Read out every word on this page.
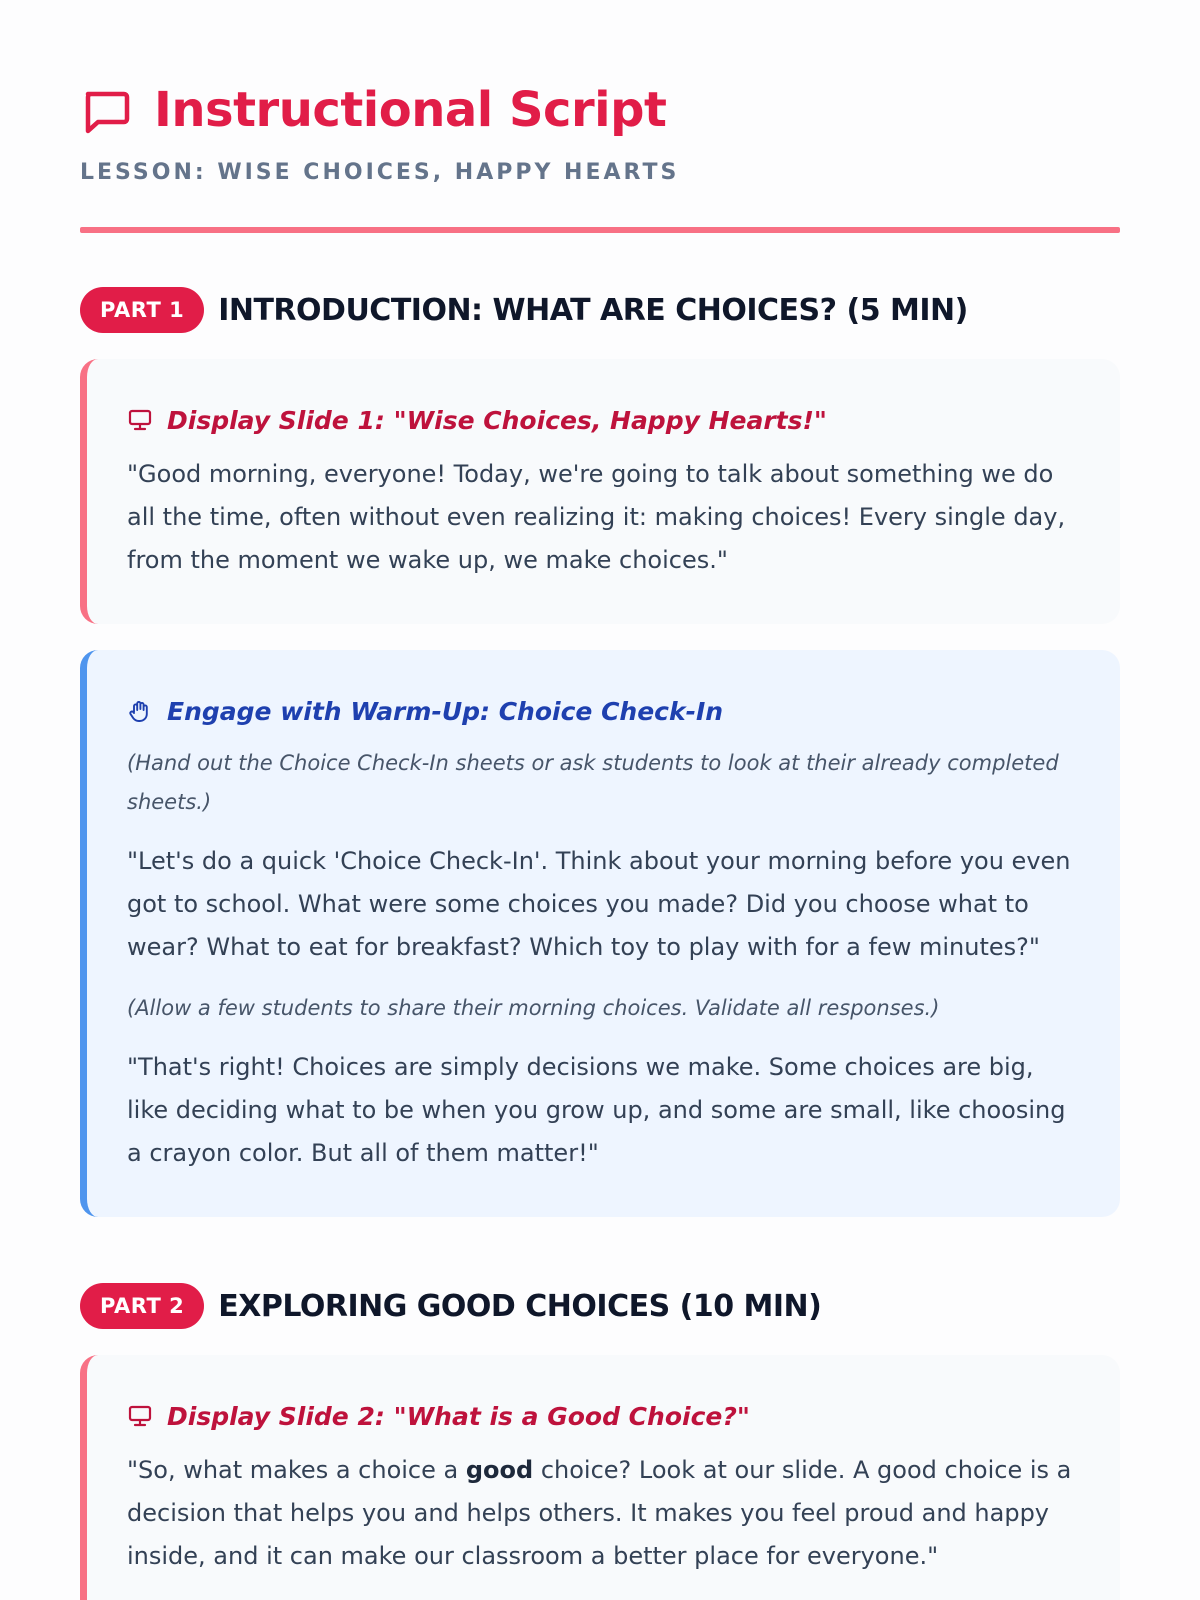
Instructional Script
LESSON: WISE CHOICES, HAPPY HEARTS
PART 1	INTRODUCTION: WHAT ARE CHOICES? (5 MIN)
Display Slide 1: "Wise Choices, Happy Hearts!"

"Good morning, everyone! Today, we're going to talk about something we do all the time, often without even realizing it: making choices! Every single day, from the moment we wake up, we make choices."

Engage with Warm-Up: Choice Check-In

(Hand out the Choice Check-In sheets or ask students to look at their already completed sheets.)

"Let's do a quick 'Choice Check-In'. Think about your morning before you even got to school. What were some choices you made? Did you choose what to wear? What to eat for breakfast? Which toy to play with for a few minutes?"

(Allow a few students to share their morning choices. Validate all responses.)

"That's right! Choices are simply decisions we make. Some choices are big, like deciding what to be when you grow up, and some are small, like choosing a crayon color. But all of them matter!"

PART 2	EXPLORING GOOD CHOICES (10 MIN)
Display Slide 2: "What is a Good Choice?"

"So, what makes a choice a good choice? Look at our slide. A good choice is a decision that helps you and helps others. It makes you feel proud and happy inside, and it can make our classroom a better place for everyone."
